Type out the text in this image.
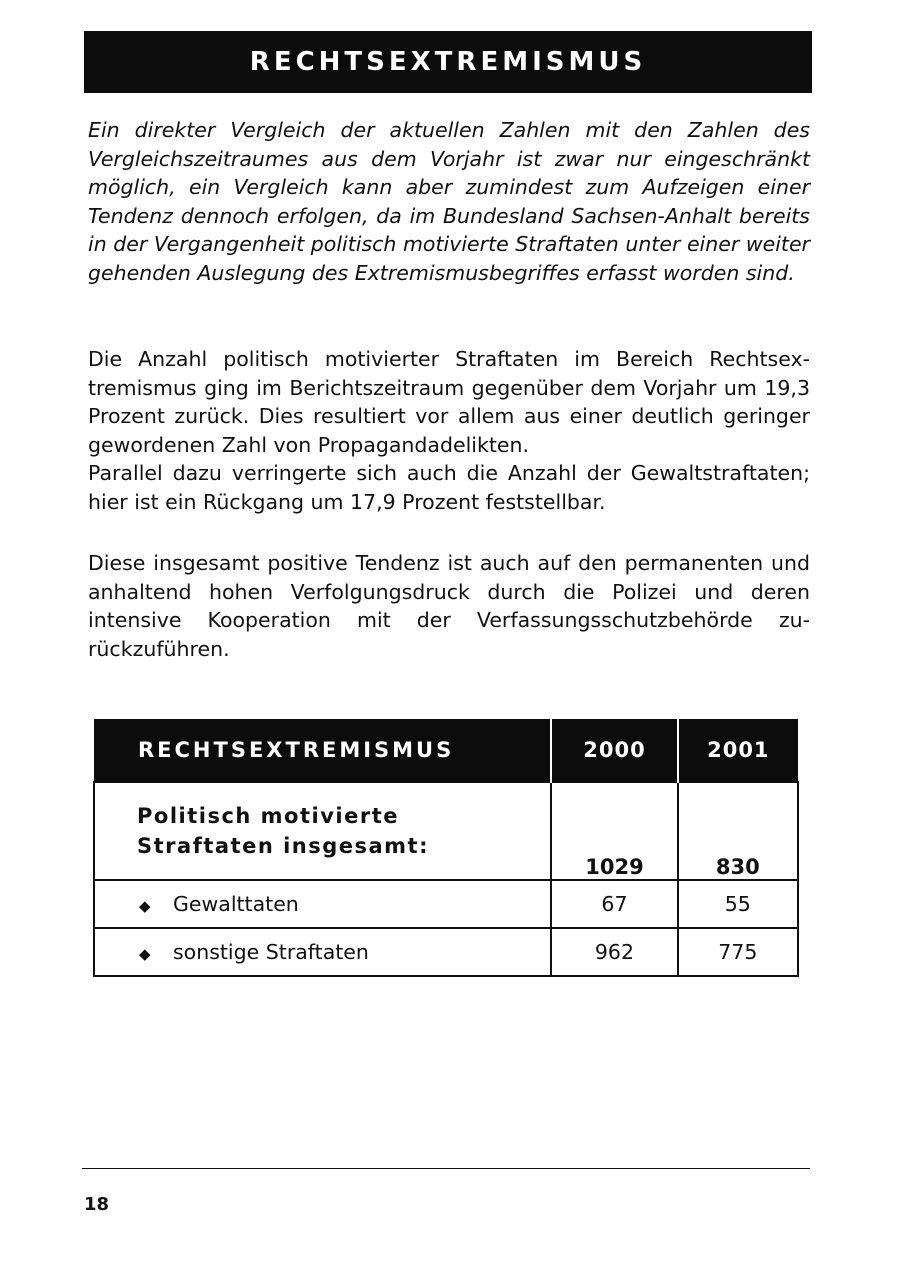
RECHTSEXTREMISMUS

Ein direkter Vergleich der aktuellen Zahlen mit den Zahlen des Vergleichszeitraumes aus dem Vorjahr ist zwar nur eingeschränkt möglich, ein Vergleich kann aber zumindest zum Aufzeigen einer Tendenz dennoch erfolgen, da im Bundesland Sachsen-Anhalt bereits in der Vergangenheit politisch motivierte Straftaten unter einer weiter gehenden Auslegung des Extremismusbegriffes erfasst worden sind.

Die Anzahl politisch motivierter Straftaten im Bereich Rechtsextremismus ging im Berichtszeitraum gegenüber dem Vorjahr um 19,3 Prozent zurück. Dies resultiert vor allem aus einer deutlich geringer gewordenen Zahl von Propagandadelikten.
Parallel dazu verringerte sich auch die Anzahl der Gewaltstraftaten; hier ist ein Rückgang um 17,9 Prozent feststellbar.

Diese insgesamt positive Tendenz ist auch auf den permanenten und anhaltend hohen Verfolgungsdruck durch die Polizei und deren intensive Kooperation mit der Verfassungsschutzbehörde zurückzuführen.

RECHTSEXTREMISMUS	2000	2001

Politisch motivierte
Straftaten insgesamt:	1029	830
◆ Gewalttaten	67	55
◆ sonstige Straftaten	962	775
18
